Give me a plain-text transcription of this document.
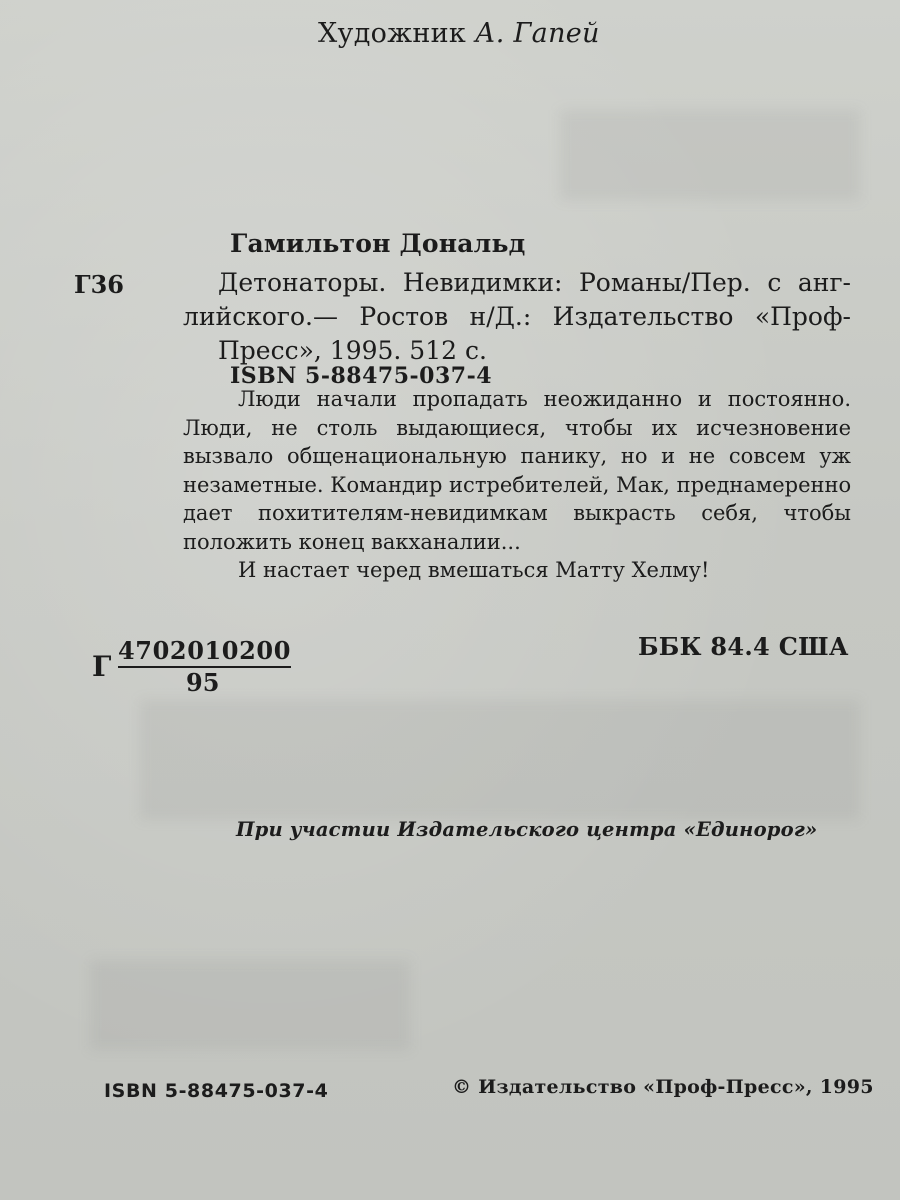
Художник А. Гапей
Гамильтон Дональд
Г36	Детонаторы. Невидимки: Романы/Пер. с анг-
лийского.— Ростов н/Д.: Издательство «Проф-
Пресс», 1995. 512 с.
ISBN 5-88475-037-4
Люди начали пропадать неожиданно и постоянно.
Люди, не столь выдающиеся, чтобы их исчезновение
вызвало общенациональную панику, но и не совсем уж
незаметные. Командир истребителей, Мак, преднамеренно
дает похитителям-невидимкам выкрасть себя, чтобы
положить конец вакханалии...
И настает черед вмешаться Матту Хелму!
Г 4702010200
95
ББК 84.4 США
При участии Издательского центра «Единорог»
ISBN 5-88475-037-4	© Издательство «Проф-Пресс», 1995
